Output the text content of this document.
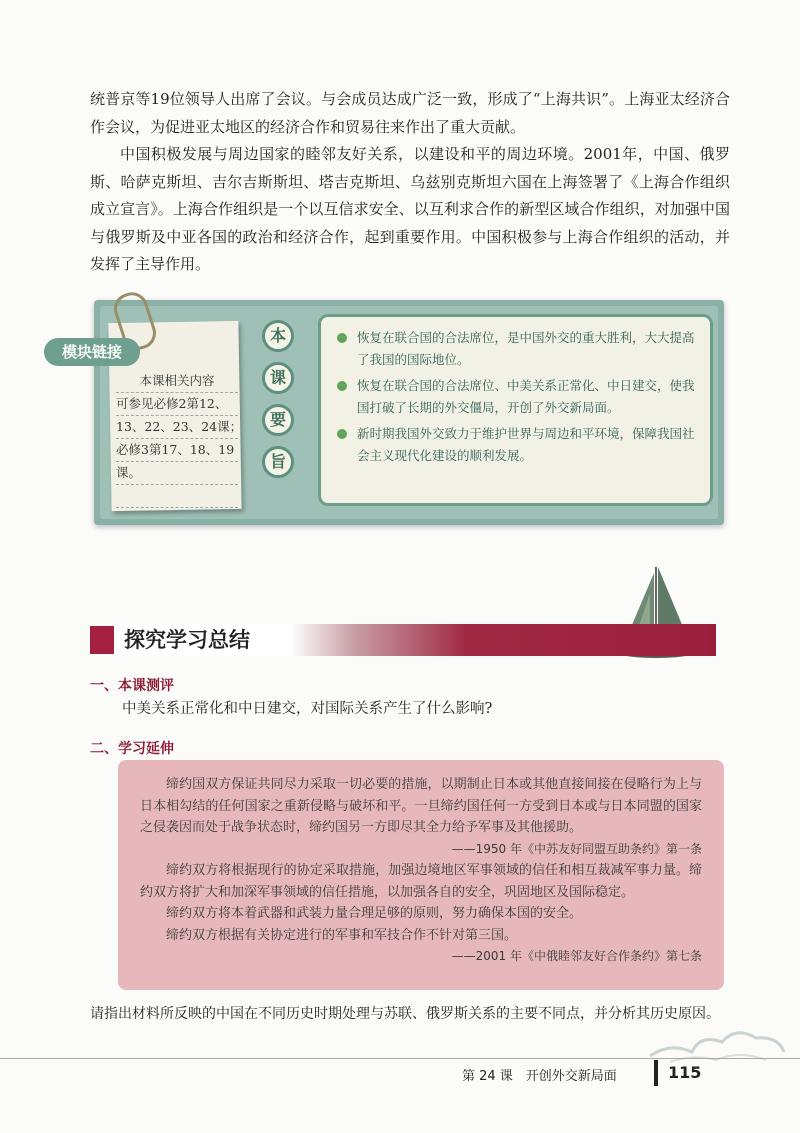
统普京等19位领导人出席了会议。与会成员达成广泛一致，形成了“上海共识”。上海亚太经济合作会议，为促进亚太地区的经济合作和贸易往来作出了重大贡献。

中国积极发展与周边国家的睦邻友好关系，以建设和平的周边环境。2001年，中国、俄罗斯、哈萨克斯坦、吉尔吉斯斯坦、塔吉克斯坦、乌兹别克斯坦六国在上海签署了《上海合作组织成立宣言》。上海合作组织是一个以互信求安全、以互利求合作的新型区域合作组织，对加强中国与俄罗斯及中亚各国的政治和经济合作，起到重要作用。中国积极参与上海合作组织的活动，并发挥了主导作用。

模块链接
本课相关内容
可参见必修2第12、
13、22、23、24课；
必修3第17、18、19
课。

本
课
要
旨
恢复在联合国的合法席位，是中国外交的重大胜利，大大提高了我国的国际地位。
恢复在联合国的合法席位、中美关系正常化、中日建交，使我国打破了长期的外交僵局，开创了外交新局面。
新时期我国外交致力于维护世界与周边和平环境，保障我国社会主义现代化建设的顺利发展。
探究学习总结
一、本课测评
中美关系正常化和中日建交，对国际关系产生了什么影响?
二、学习延伸

缔约国双方保证共同尽力采取一切必要的措施，以期制止日本或其他直接间接在侵略行为上与日本相勾结的任何国家之重新侵略与破坏和平。一旦缔约国任何一方受到日本或与日本同盟的国家之侵袭因而处于战争状态时，缔约国另一方即尽其全力给予军事及其他援助。

——1950 年《中苏友好同盟互助条约》第一条

缔约双方将根据现行的协定采取措施，加强边境地区军事领域的信任和相互裁减军事力量。缔约双方将扩大和加深军事领域的信任措施，以加强各自的安全，巩固地区及国际稳定。

缔约双方将本着武器和武装力量合理足够的原则，努力确保本国的安全。

缔约双方根据有关协定进行的军事和军技合作不针对第三国。

——2001 年《中俄睦邻友好合作条约》第七条

请指出材料所反映的中国在不同历史时期处理与苏联、俄罗斯关系的主要不同点，并分析其历史原因。
第 24 课　开创外交新局面	115
